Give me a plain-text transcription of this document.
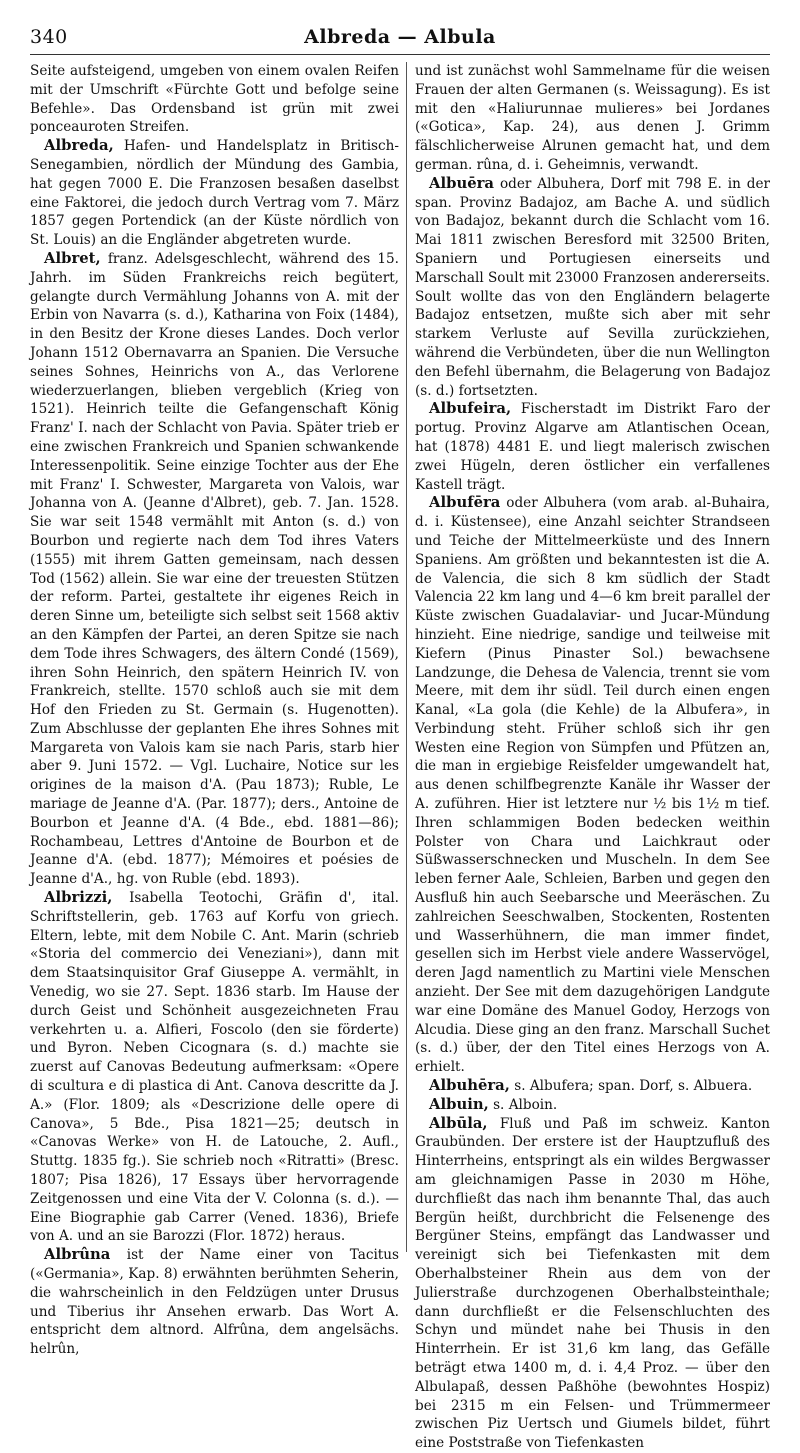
340	Albreda — Albula

Seite aufsteigend, umgeben von einem ovalen Reifen mit der Umschrift «Fürchte Gott und befolge seine Befehle». Das Ordensband ist grün mit zwei ponceauroten Streifen.

Albreda, Hafen- und Handelsplatz in Britisch-Senegambien, nördlich der Mündung des Gambia, hat gegen 7000 E. Die Franzosen besaßen daselbst eine Faktorei, die jedoch durch Vertrag vom 7. März 1857 gegen Portendick (an der Küste nördlich von St. Louis) an die Engländer abgetreten wurde.

Albret, franz. Adelsgeschlecht, während des 15. Jahrh. im Süden Frankreichs reich begütert, gelangte durch Vermählung Johanns von A. mit der Erbin von Navarra (s. d.), Katharina von Foix (1484), in den Besitz der Krone dieses Landes. Doch verlor Johann 1512 Obernavarra an Spanien. Die Versuche seines Sohnes, Heinrichs von A., das Verlorene wiederzuerlangen, blieben vergeblich (Krieg von 1521). Heinrich teilte die Gefangenschaft König Franz' I. nach der Schlacht von Pavia. Später trieb er eine zwischen Frankreich und Spanien schwankende Interessenpolitik. Seine einzige Tochter aus der Ehe mit Franz' I. Schwester, Margareta von Valois, war Johanna von A. (Jeanne d'Albret), geb. 7. Jan. 1528. Sie war seit 1548 vermählt mit Anton (s. d.) von Bourbon und regierte nach dem Tod ihres Vaters (1555) mit ihrem Gatten gemeinsam, nach dessen Tod (1562) allein. Sie war eine der treuesten Stützen der reform. Partei, gestaltete ihr eigenes Reich in deren Sinne um, beteiligte sich selbst seit 1568 aktiv an den Kämpfen der Partei, an deren Spitze sie nach dem Tode ihres Schwagers, des ältern Condé (1569), ihren Sohn Heinrich, den spätern Heinrich IV. von Frankreich, stellte. 1570 schloß auch sie mit dem Hof den Frieden zu St. Germain (s. Hugenotten). Zum Abschlusse der geplanten Ehe ihres Sohnes mit Margareta von Valois kam sie nach Paris, starb hier aber 9. Juni 1572. — Vgl. Luchaire, Notice sur les origines de la maison d'A. (Pau 1873); Ruble, Le mariage de Jeanne d'A. (Par. 1877); ders., Antoine de Bourbon et Jeanne d'A. (4 Bde., ebd. 1881—86); Rochambeau, Lettres d'Antoine de Bourbon et de Jeanne d'A. (ebd. 1877); Mémoires et poésies de Jeanne d'A., hg. von Ruble (ebd. 1893).

Albrizzi, Isabella Teotochi, Gräfin d', ital. Schriftstellerin, geb. 1763 auf Korfu von griech. Eltern, lebte, mit dem Nobile C. Ant. Marin (schrieb «Storia del commercio dei Veneziani»), dann mit dem Staatsinquisitor Graf Giuseppe A. vermählt, in Venedig, wo sie 27. Sept. 1836 starb. Im Hause der durch Geist und Schönheit ausgezeichneten Frau verkehrten u. a. Alfieri, Foscolo (den sie förderte) und Byron. Neben Cicognara (s. d.) machte sie zuerst auf Canovas Bedeutung aufmerksam: «Opere di scultura e di plastica di Ant. Canova descritte da J. A.» (Flor. 1809; als «Descrizione delle opere di Canova», 5 Bde., Pisa 1821—25; deutsch in «Canovas Werke» von H. de Latouche, 2. Aufl., Stuttg. 1835 fg.). Sie schrieb noch «Ritratti» (Bresc. 1807; Pisa 1826), 17 Essays über hervorragende Zeitgenossen und eine Vita der V. Colonna (s. d.). — Eine Biographie gab Carrer (Vened. 1836), Briefe von A. und an sie Barozzi (Flor. 1872) heraus.

Albrûna ist der Name einer von Tacitus («Germania», Kap. 8) erwähnten berühmten Seherin, die wahrscheinlich in den Feldzügen unter Drusus und Tiberius ihr Ansehen erwarb. Das Wort A. entspricht dem altnord. Alfrûna, dem angelsächs. helrûn,

und ist zunächst wohl Sammelname für die weisen Frauen der alten Germanen (s. Weissagung). Es ist mit den «Haliurunnae mulieres» bei Jordanes («Gotica», Kap. 24), aus denen J. Grimm fälschlicherweise Alrunen gemacht hat, und dem german. rûna, d. i. Geheimnis, verwandt.

Albuēra oder Albuhera, Dorf mit 798 E. in der span. Provinz Badajoz, am Bache A. und südlich von Badajoz, bekannt durch die Schlacht vom 16. Mai 1811 zwischen Beresford mit 32500 Briten, Spaniern und Portugiesen einerseits und Marschall Soult mit 23000 Franzosen andererseits. Soult wollte das von den Engländern belagerte Badajoz entsetzen, mußte sich aber mit sehr starkem Verluste auf Sevilla zurückziehen, während die Verbündeten, über die nun Wellington den Befehl übernahm, die Belagerung von Badajoz (s. d.) fortsetzten.

Albufeira, Fischerstadt im Distrikt Faro der portug. Provinz Algarve am Atlantischen Ocean, hat (1878) 4481 E. und liegt malerisch zwischen zwei Hügeln, deren östlicher ein verfallenes Kastell trägt.

Albufēra oder Albuhera (vom arab. al-Buhaira, d. i. Küstensee), eine Anzahl seichter Strandseen und Teiche der Mittelmeerküste und des Innern Spaniens. Am größten und bekanntesten ist die A. de Valencia, die sich 8 km südlich der Stadt Valencia 22 km lang und 4—6 km breit parallel der Küste zwischen Guadalaviar- und Jucar-Mündung hinzieht. Eine niedrige, sandige und teilweise mit Kiefern (Pinus Pinaster Sol.) bewachsene Landzunge, die Dehesa de Valencia, trennt sie vom Meere, mit dem ihr südl. Teil durch einen engen Kanal, «La gola (die Kehle) de la Albufera», in Verbindung steht. Früher schloß sich ihr gen Westen eine Region von Sümpfen und Pfützen an, die man in ergiebige Reisfelder umgewandelt hat, aus denen schilfbegrenzte Kanäle ihr Wasser der A. zuführen. Hier ist letztere nur ½ bis 1½ m tief. Ihren schlammigen Boden bedecken weithin Polster von Chara und Laichkraut oder Süßwasserschnecken und Muscheln. In dem See leben ferner Aale, Schleien, Barben und gegen den Ausfluß hin auch Seebarsche und Meeräschen. Zu zahlreichen Seeschwalben, Stockenten, Rostenten und Wasserhühnern, die man immer findet, gesellen sich im Herbst viele andere Wasservögel, deren Jagd namentlich zu Martini viele Menschen anzieht. Der See mit dem dazugehörigen Landgute war eine Domäne des Manuel Godoy, Herzogs von Alcudia. Diese ging an den franz. Marschall Suchet (s. d.) über, der den Titel eines Herzogs von A. erhielt.

Albuhēra, s. Albufera; span. Dorf, s. Albuera.

Albuin, s. Alboin.

Albūla, Fluß und Paß im schweiz. Kanton Graubünden. Der erstere ist der Hauptzufluß des Hinterrheins, entspringt als ein wildes Bergwasser am gleichnamigen Passe in 2030 m Höhe, durchfließt das nach ihm benannte Thal, das auch Bergün heißt, durchbricht die Felsenenge des Bergüner Steins, empfängt das Landwasser und vereinigt sich bei Tiefenkasten mit dem Oberhalbsteiner Rhein aus dem von der Julierstraße durchzogenen Oberhalbsteinthale; dann durchfließt er die Felsenschluchten des Schyn und mündet nahe bei Thusis in den Hinterrhein. Er ist 31,6 km lang, das Gefälle beträgt etwa 1400 m, d. i. 4,4 Proz. — über den Albulapaß, dessen Paßhöhe (bewohntes Hospiz) bei 2315 m ein Felsen- und Trümmermeer zwischen Piz Uertsch und Giumels bildet, führt eine Poststraße von Tiefenkasten
